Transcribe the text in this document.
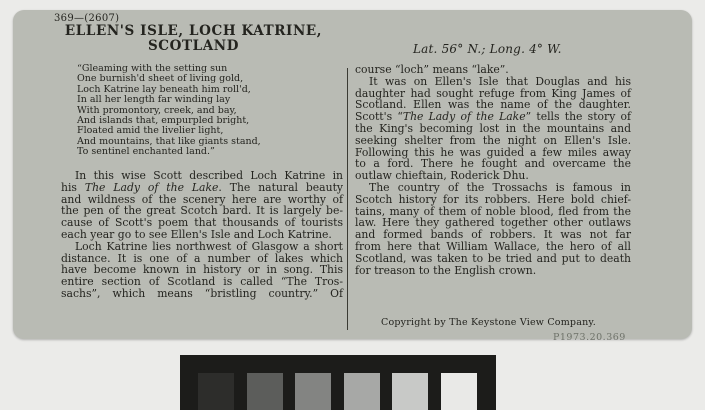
369—(2607)
ELLEN'S ISLE, LOCH KATRINE,
SCOTLAND	Lat. 56° N.; Long. 4° W.
“Gleaming with the setting sun
One burnish'd sheet of living gold,
Loch Katrine lay beneath him roll'd,
In all her length far winding lay
With promontory, creek, and bay,
And islands that, empurpled bright,
Floated amid the livelier light,
And mountains, that like giants stand,
To sentinel enchanted land.”
In this wise Scott described Loch Katrine in
his The Lady of the Lake. The natural beauty
and wildness of the scenery here are worthy of
the pen of the great Scotch bard. It is largely be-
cause of Scott's poem that thousands of tourists
each year go to see Ellen's Isle and Loch Katrine.
Loch Katrine lies northwest of Glasgow a short
distance. It is one of a number of lakes which
have become known in history or in song. This
entire section of Scotland is called “The Tros-
sachs”, which means “bristling country.” Of
course “loch” means “lake”.
It was on Ellen's Isle that Douglas and his
daughter had sought refuge from King James of
Scotland. Ellen was the name of the daughter.
Scott's “The Lady of the Lake” tells the story of
the King's becoming lost in the mountains and
seeking shelter from the night on Ellen's Isle.
Following this he was guided a few miles away
to a ford. There he fought and overcame the
outlaw chieftain, Roderick Dhu.
The country of the Trossachs is famous in
Scotch history for its robbers. Here bold chief-
tains, many of them of noble blood, fled from the
law. Here they gathered together other outlaws
and formed bands of robbers. It was not far
from here that William Wallace, the hero of all
Scotland, was taken to be tried and put to death
for treason to the English crown.
Copyright by The Keystone View Company.
P1973.20.369
